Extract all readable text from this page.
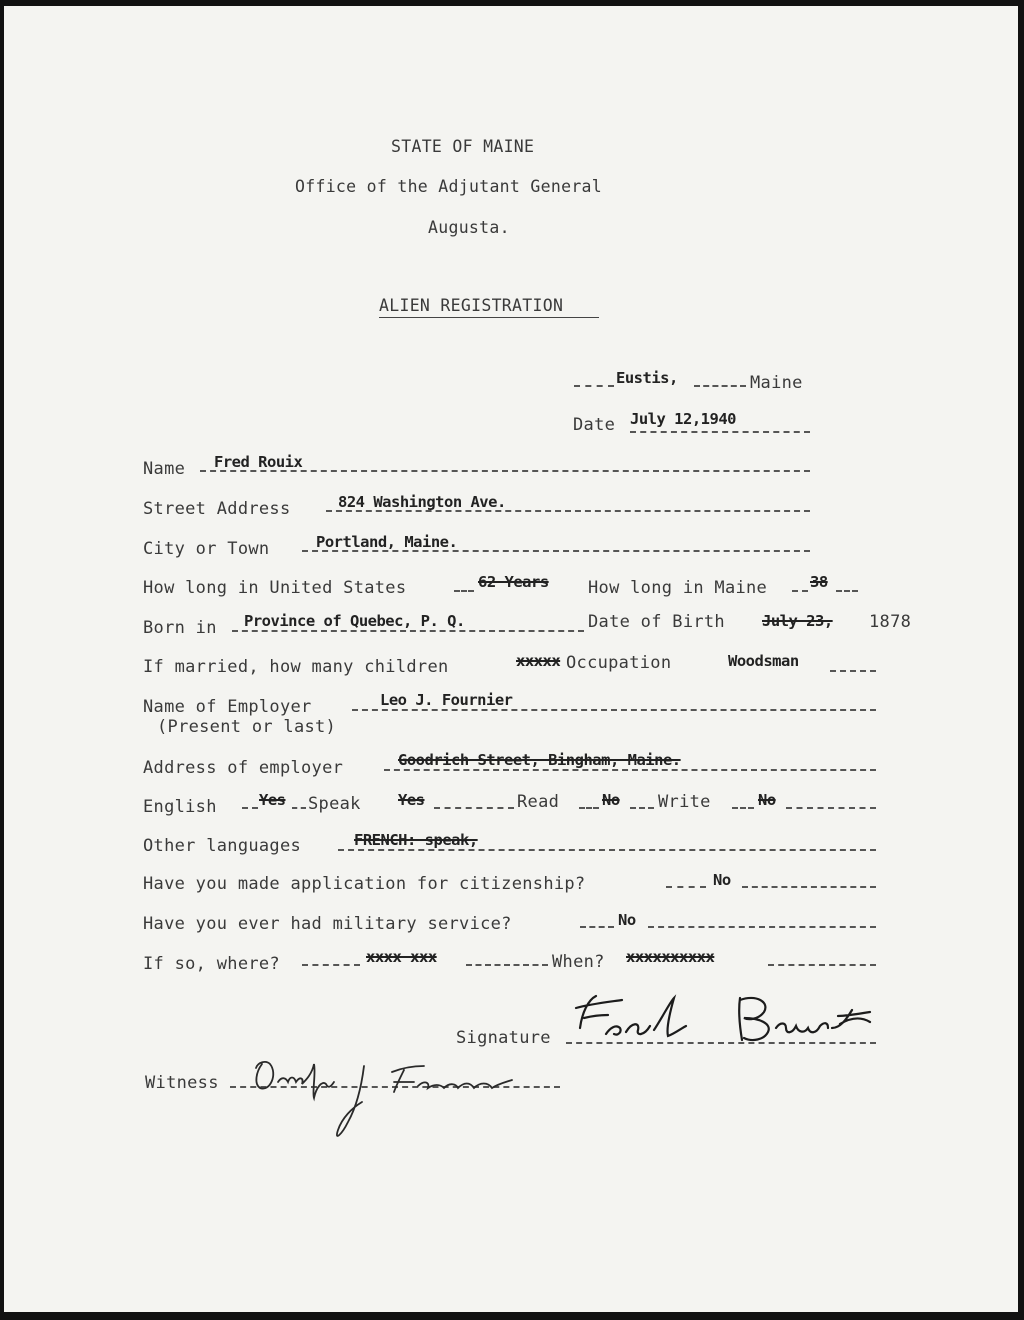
STATE OF MAINE
Office of the Adjutant General
Augusta.
ALIEN REGISTRATION
Eustis,	Maine
Date July 12,1940
Name Fred Rouix
Street Address	824 Washington Ave.
City or Town	Portland, Maine.
How long in United States	62 Years How long in Maine	38
Born in Province of Quebec, P. Q.	Date of Birth July 23, 1878
If married, how many children	xxxxx Occupation	Woodsman
Name of Employer
(Present or last)
Leo J. Fournier
Address of employer	Goodrich Street, Bingham, Maine.
English	Yes Speak Yes	Read	No Write	No
Other languages	FRENCH: speak,
Have you made application for citizenship?	No
Have you ever had military service?	No
If so, where?	xxxx xxx	When? xxxxxxxxxx
Signature
Witness
